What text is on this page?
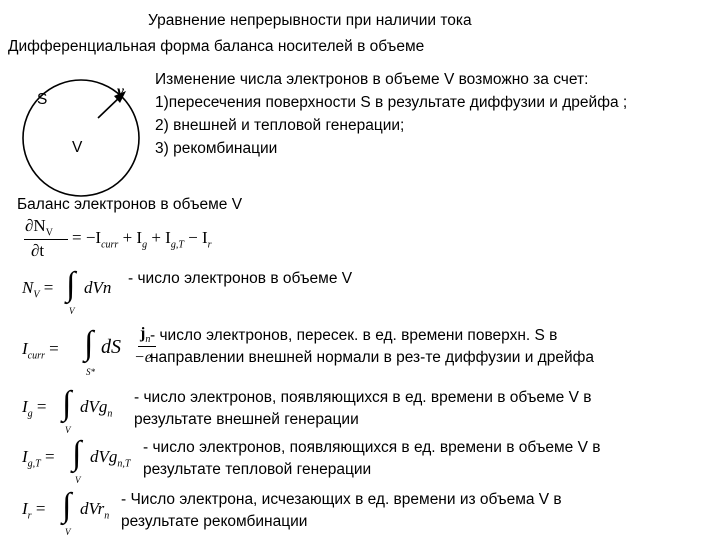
Уравнение непрерывности при наличии тока
Дифференциальная форма баланса носителей в объеме
S	ν
V
Изменение числа электронов в объеме V возможно за счет:
1)пересечения поверхности S в результате диффузии и дрейфа ;
2) внешней и тепловой генерации;
3) рекомбинации
Баланс электронов в объеме V
$\partial N_V$
∂t
= $-I_{curr} + I_g + I_{g,T} - I_r$
$N_V$ = ∫
V
dVn - число электронов в объеме V
$I_{curr}$ = ∫
S*
dS
$j_n$
−e
- число электронов, пересек. в ед. времени поверхн. S в
направлении внешней нормали в рез-те диффузии и дрейфа
$I_g$ = ∫
V
dVg$_n$
- число электронов, появляющихся в ед. времени в объеме V в
результате внешней генерации
$I_{g,T}$ = ∫
V
dVg$_{n,T}$
- число электронов, появляющихся в ед. времени в объеме V в
результате тепловой генерации
$I_r$ = ∫
V
dVr$_n$
- Число электрона, исчезающих в ед. времени из объема V в
результате рекомбинации
